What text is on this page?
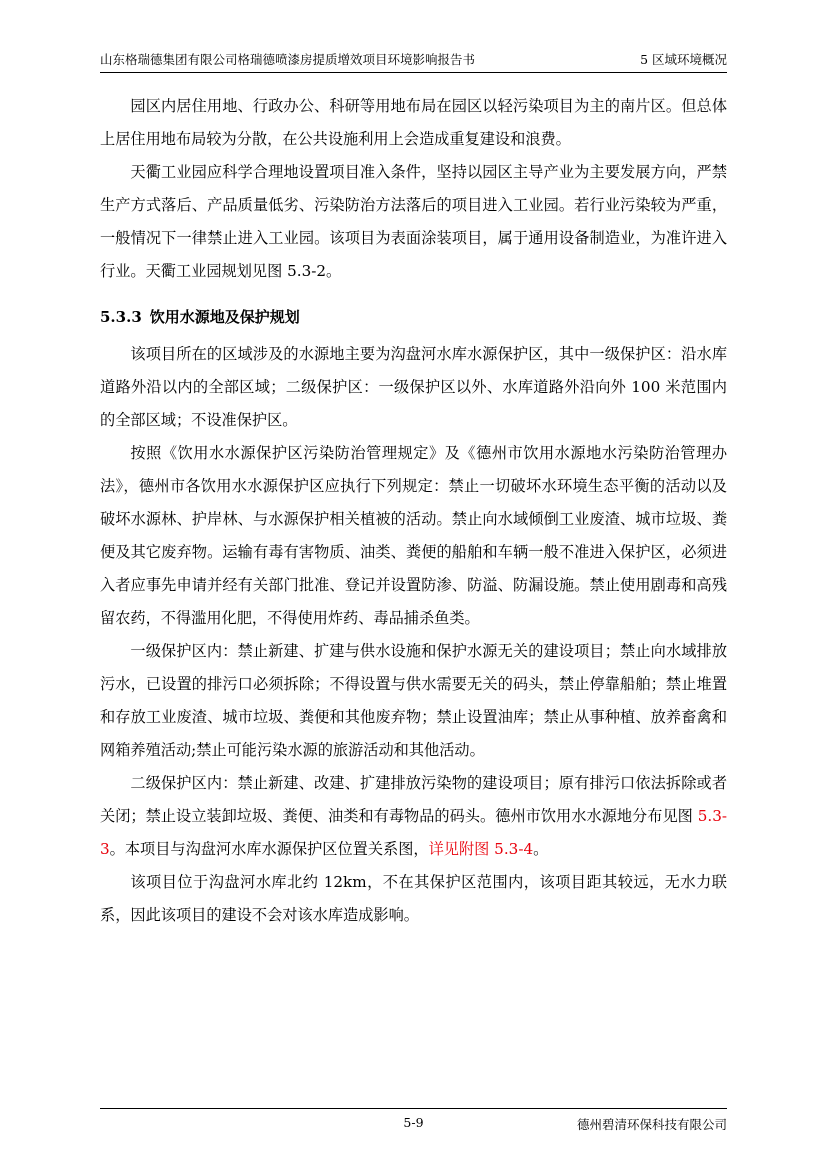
山东格瑞德集团有限公司格瑞德喷漆房提质增效项目环境影响报告书	5 区域环境概况

园区内居住用地、行政办公、科研等用地布局在园区以轻污染项目为主的南片区。但总体上居住用地布局较为分散，在公共设施利用上会造成重复建设和浪费。

天衢工业园应科学合理地设置项目准入条件，坚持以园区主导产业为主要发展方向，严禁生产方式落后、产品质量低劣、污染防治方法落后的项目进入工业园。若行业污染较为严重，一般情况下一律禁止进入工业园。该项目为表面涂装项目，属于通用设备制造业，为准许进入行业。天衢工业园规划见图 5.3-2。

5.3.3 饮用水源地及保护规划

该项目所在的区域涉及的水源地主要为沟盘河水库水源保护区，其中一级保护区：沿水库道路外沿以内的全部区域；二级保护区：一级保护区以外、水库道路外沿向外 100 米范围内的全部区域；不设准保护区。

按照《饮用水水源保护区污染防治管理规定》及《德州市饮用水源地水污染防治管理办法》，德州市各饮用水水源保护区应执行下列规定：禁止一切破坏水环境生态平衡的活动以及破坏水源林、护岸林、与水源保护相关植被的活动。禁止向水域倾倒工业废渣、城市垃圾、粪便及其它废弃物。运输有毒有害物质、油类、粪便的船舶和车辆一般不准进入保护区，必须进入者应事先申请并经有关部门批准、登记并设置防渗、防溢、防漏设施。禁止使用剧毒和高残留农药，不得滥用化肥，不得使用炸药、毒品捕杀鱼类。

一级保护区内：禁止新建、扩建与供水设施和保护水源无关的建设项目；禁止向水域排放污水，已设置的排污口必须拆除；不得设置与供水需要无关的码头，禁止停靠船舶；禁止堆置和存放工业废渣、城市垃圾、粪便和其他废弃物；禁止设置油库；禁止从事种植、放养畜禽和网箱养殖活动;禁止可能污染水源的旅游活动和其他活动。

二级保护区内：禁止新建、改建、扩建排放污染物的建设项目；原有排污口依法拆除或者关闭；禁止设立装卸垃圾、粪便、油类和有毒物品的码头。德州市饮用水水源地分布见图 5.3-3。本项目与沟盘河水库水源保护区位置关系图，详见附图 5.3-4。

该项目位于沟盘河水库北约 12km，不在其保护区范围内，该项目距其较远，无水力联系，因此该项目的建设不会对该水库造成影响。

5-9	德州碧清环保科技有限公司
